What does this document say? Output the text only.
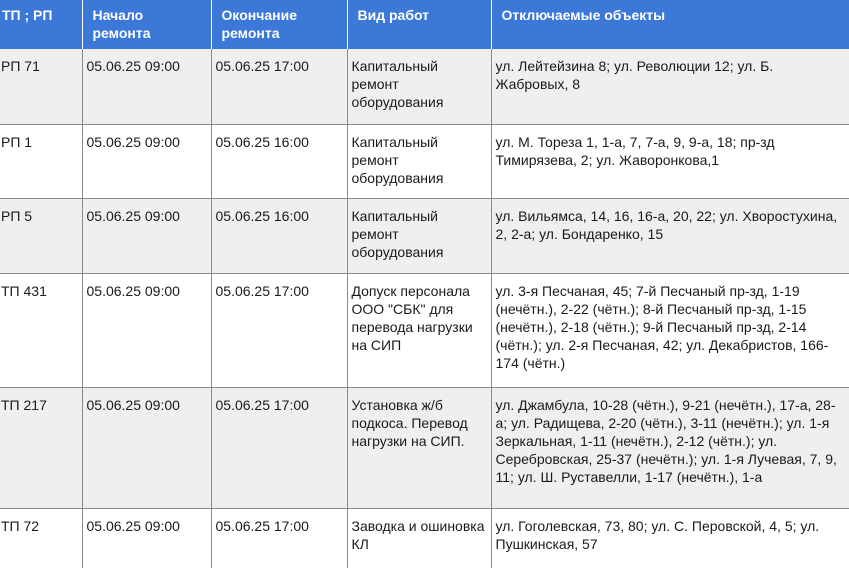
ТП ; РП	Начало ремонта	Окончание ремонта	Вид работ	Отключаемые объекты
РП 71	05.06.25 09:00	05.06.25 17:00	Капитальный ремонт оборудования	ул. Лейтейзина 8; ул. Революции 12; ул. Б. Жабровых, 8
РП 1	05.06.25 09:00	05.06.25 16:00	Капитальный ремонт оборудования	ул. М. Тореза 1, 1-а, 7, 7-а, 9, 9-а, 18; пр-зд Тимирязева, 2; ул. Жаворонкова,1
РП 5	05.06.25 09:00	05.06.25 16:00	Капитальный ремонт оборудования	ул. Вильямса, 14, 16, 16-а, 20, 22; ул. Хворостухина, 2, 2-а; ул. Бондаренко, 15
ТП 431	05.06.25 09:00	05.06.25 17:00	Допуск персонала ООО "СБК" для перевода нагрузки на СИП	ул. 3-я Песчаная, 45; 7-й Песчаный пр-зд, 1-19 (нечётн.), 2-22 (чётн.); 8-й Песчаный пр-зд, 1-15 (нечётн.), 2-18 (чётн.); 9-й Песчаный пр-зд, 2-14 (чётн.); ул. 2-я Песчаная, 42; ул. Декабристов, 166-174 (чётн.)
ТП 217	05.06.25 09:00	05.06.25 17:00	Установка ж/б подкоса. Перевод нагрузки на СИП.	ул. Джамбула, 10-28 (чётн.), 9-21 (нечётн.), 17-а, 28-а; ул. Радищева, 2-20 (чётн.), 3-11 (нечётн.); ул. 1-я Зеркальная, 1-11 (нечётн.), 2-12 (чётн.); ул. Серебровская, 25-37 (нечётн.); ул. 1-я Лучевая, 7, 9, 11; ул. Ш. Руставелли, 1-17 (нечётн.), 1-а
ТП 72	05.06.25 09:00	05.06.25 17:00	Заводка и ошиновка КЛ	ул. Гоголевская, 73, 80; ул. С. Перовской, 4, 5; ул. Пушкинская, 57
